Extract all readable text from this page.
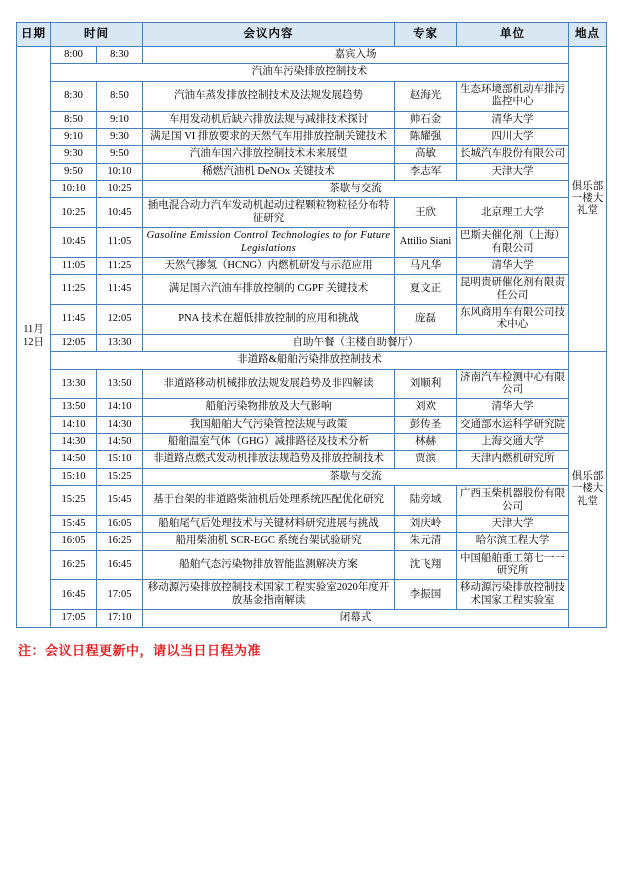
日期	时间		会议内容	专家	单位	地点
11月12日	8:00	8:30	嘉宾入场			俱乐部一楼大礼堂
	汽油车污染排放控制技术					
	8:30	8:50	汽油车蒸发排放控制技术及法规发展趋势	赵海光	生态环境部机动车排污监控中心	
	8:50	9:10	车用发动机后缺六排放法规与减排技术探讨	帅石金	清华大学	
	9:10	9:30	满足国 VI 排放要求的天然气车用排放控制关键技术	陈耀强	四川大学	
	9:30	9:50	汽油车国六排放控制技术未来展望	高敏	长城汽车股份有限公司	
	9:50	10:10	稀燃汽油机 DeNOx 关键技术	李志军	天津大学	
	10:10	10:25	茶歇与交流			
	10:25	10:45	插电混合动力汽车发动机起动过程颗粒物粒径分布特征研究	王欣	北京理工大学	
	10:45	11:05	Gasoline Emission Control Technologies to for Future Legislations	Attilio Siani	巴斯夫催化剂（上海）有限公司	
	11:05	11:25	天然气掺氢（HCNG）内燃机研发与示范应用	马凡华	清华大学	
	11:25	11:45	满足国六汽油车排放控制的 CGPF 关键技术	夏文正	昆明贵研催化剂有限责任公司	
	11:45	12:05	PNA 技术在超低排放控制的应用和挑战	庞磊	东风商用车有限公司技术中心	
	12:05	13:30	自助午餐（主楼自助餐厅）			
	非道路&船舶污染排放控制技术					俱乐部一楼大礼堂
	13:30	13:50	非道路移动机械排放法规发展趋势及非四解读	刘顺利	济南汽车检测中心有限公司	
	13:50	14:10	船舶污染物排放及大气影响	刘欢	清华大学	
	14:10	14:30	我国船舶大气污染管控法规与政策	彭传圣	交通部水运科学研究院	
	14:30	14:50	船舶温室气体（GHG）减排路径及技术分析	林赫	上海交通大学	
	14:50	15:10	非道路点燃式发动机排放法规趋势及排放控制技术	贾滨	天津内燃机研究所	
	15:10	15:25	茶歇与交流			
	15:25	15:45	基于台架的非道路柴油机后处理系统匹配优化研究	陆旁域	广西玉柴机器股份有限公司	
	15:45	16:05	船舶尾气后处理技术与关键材料研究进展与挑战	刘庆岭	天津大学	
	16:05	16:25	船用柴油机 SCR-EGC 系统台架试验研究	朱元清	哈尔滨工程大学	
	16:25	16:45	船舶气态污染物排放智能监测解决方案	沈飞翔	中国船舶重工第七一一研究所	
	16:45	17:05	移动源污染排放控制技术国家工程实验室2020年度开放基金指南解读	李振国	移动源污染排放控制技术国家工程实验室	
	17:05	17:10	闭幕式			
注：会议日程更新中，请以当日日程为准
